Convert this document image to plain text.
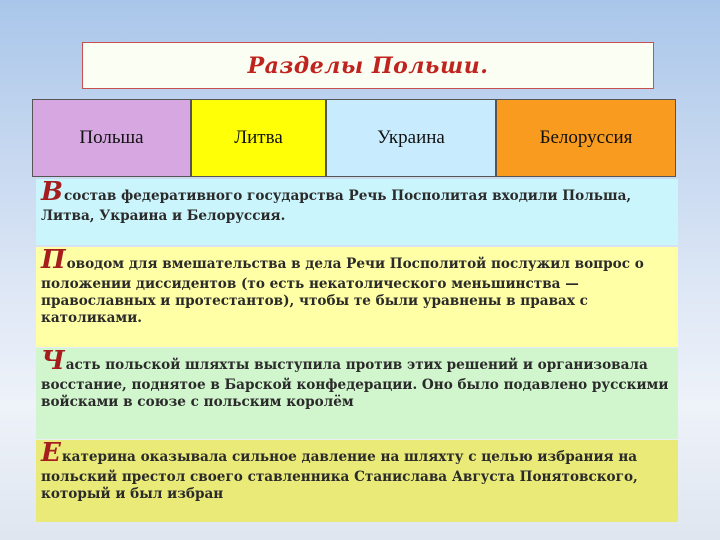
Разделы Польши.
Польша	Литва	Украина	Белоруссия
В состав федеративного государства Речь Посполитая входили Польша,
Литва, Украина и Белоруссия.
П оводом для вмешательства в дела Речи Посполитой послужил вопрос о
положении диссидентов (то есть некатолического меньшинства — православных и протестантов), чтобы те были уравнены в правах с католиками.
Ч асть польской шляхты выступила против этих решений и организовала
восстание, поднятое в Барской конфедерации. Оно было подавлено русскими войсками в союзе с польским королём
Е катерина оказывала сильное давление на шляхту с целью избрания на
польский престол своего ставленника Станислава Августа Понятовского, который и был избран
